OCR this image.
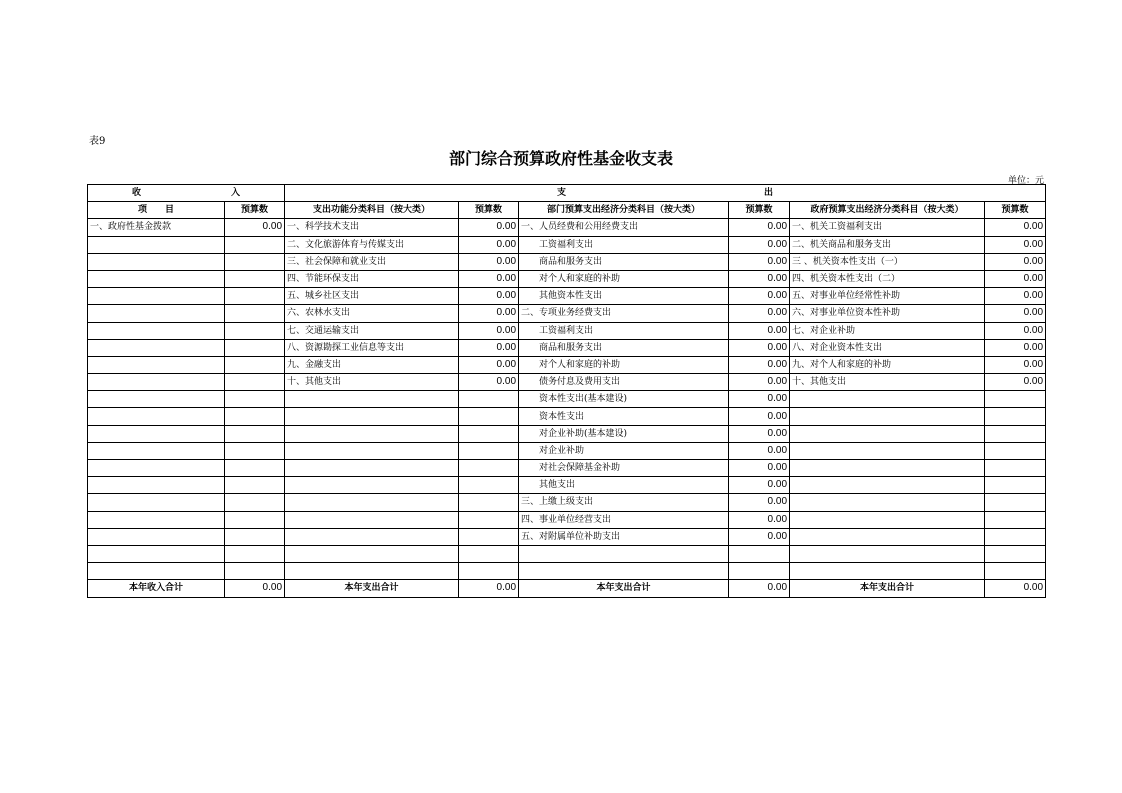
表9
部门综合预算政府性基金收支表
单位：元
收　　　　　　　　　　入		支　　　　　　　　　　　　　　　　　　　　　　出					
项　　目	预算数	支出功能分类科目（按大类）	预算数	部门预算支出经济分类科目（按大类）	预算数	政府预算支出经济分类科目（按大类）	预算数
一、政府性基金拨款	0.00	一、科学技术支出	0.00	一、人员经费和公用经费支出	0.00	一、机关工资福利支出	0.00
		二、文化旅游体育与传媒支出	0.00	工资福利支出	0.00	二、机关商品和服务支出	0.00
		三、社会保障和就业支出	0.00	商品和服务支出	0.00	三 、机关资本性支出（一）	0.00
		四、节能环保支出	0.00	对个人和家庭的补助	0.00	四、机关资本性支出（二）	0.00
		五、城乡社区支出	0.00	其他资本性支出	0.00	五、对事业单位经常性补助	0.00
		六、农林水支出	0.00	二、专项业务经费支出	0.00	六、对事业单位资本性补助	0.00
		七、交通运输支出	0.00	工资福利支出	0.00	七、对企业补助	0.00
		八、资源勘探工业信息等支出	0.00	商品和服务支出	0.00	八、对企业资本性支出	0.00
		九、金融支出	0.00	对个人和家庭的补助	0.00	九、对个人和家庭的补助	0.00
		十、其他支出	0.00	债务付息及费用支出	0.00	十、其他支出	0.00
				资本性支出(基本建设)	0.00		
				资本性支出	0.00		
				对企业补助(基本建设)	0.00		
				对企业补助	0.00		
				对社会保障基金补助	0.00		
				其他支出	0.00		
				三、上缴上级支出	0.00		
				四、事业单位经营支出	0.00		
				五、对附属单位补助支出	0.00		

本年收入合计	0.00	本年支出合计	0.00	本年支出合计	0.00	本年支出合计	0.00
